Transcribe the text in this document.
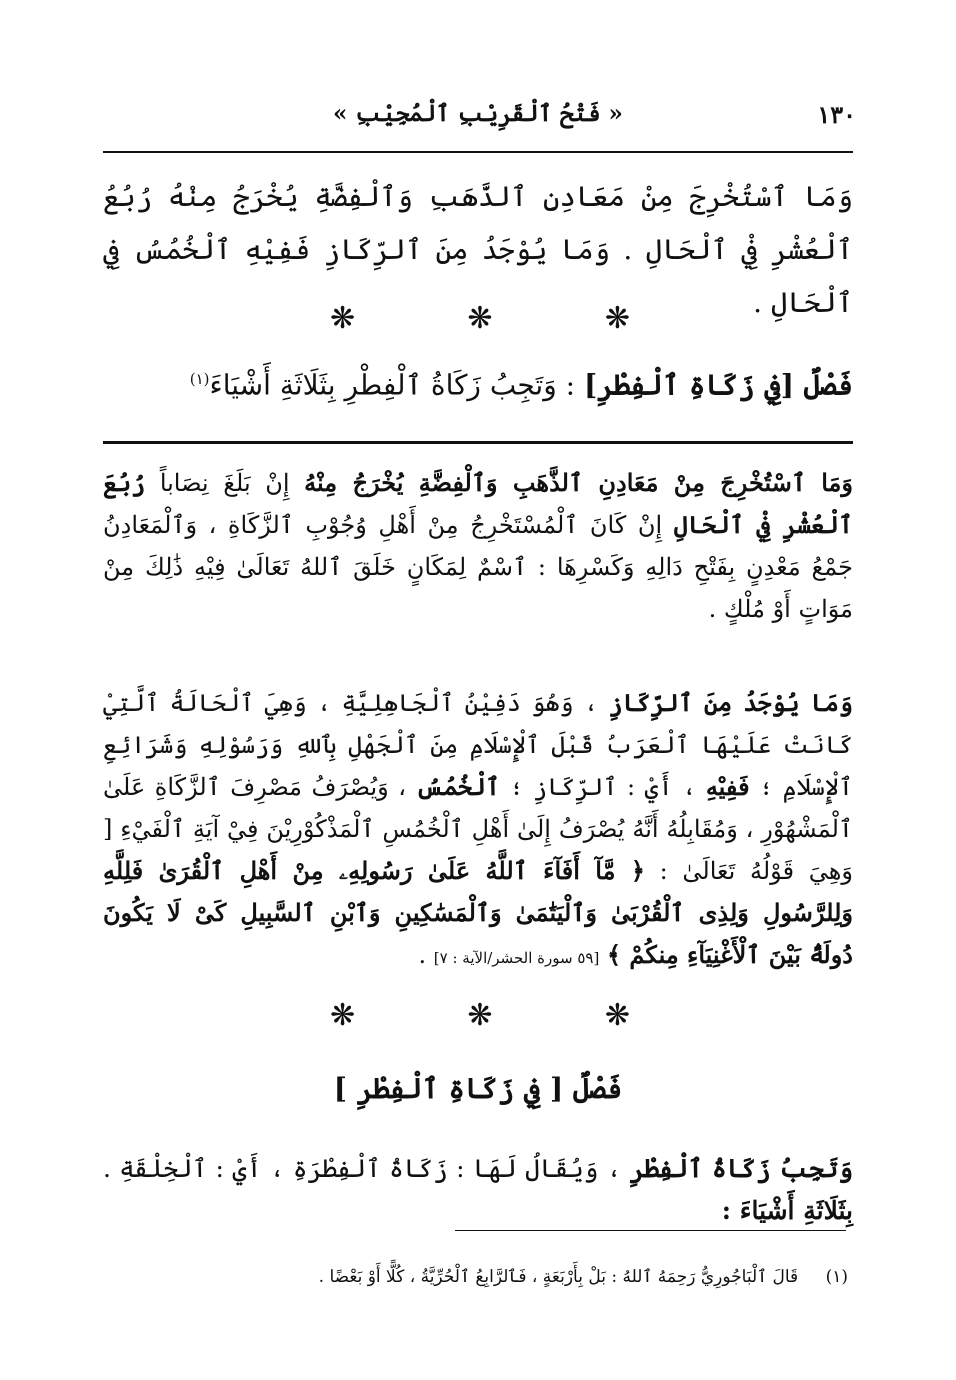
١٣٠
« فَتْحُ ٱلْقَرِيْبِ ٱلْمُجِيْبِ »
وَمَا ٱسْتُخْرِجَ مِنْ مَعَادِنِ ٱلذَّهَبِ وَٱلْفِضَّةِ يُخْرَجُ مِنْهُ رُبُعُ ٱلْعُشْرِ فِيْ ٱلْحَالِ . وَمَا يُوْجَدُ مِنَ ٱلرِّكَازِ فَفِيْهِ ٱلْخُمُسُ فِي ٱلْحَالِ .
❋	❋	❋
فَصْلٌ [فِي زَكَاةِ ٱلْفِطْرِ] : وَتَجِبُ زَكَاةُ ٱلْفِطْرِ بِثَلَاثَةِ أَشْيَاءَ$^{(١)}$
وَمَا ٱسْتُخْرِجَ مِنْ مَعَادِنِ ٱلذَّهَبِ وَٱلْفِضَّةِ يُخْرَجُ مِنْهُ إِنْ بَلَغَ نِصَاباً رُبُعَ ٱلْعُشْرِ فِيْ ٱلْحَالِ إِنْ كَانَ ٱلْمُسْتَخْرِجُ مِنْ أَهْلِ وُجُوْبِ ٱلزَّكَاةِ ، وَٱلْمَعَادِنُ جَمْعُ مَعْدِنٍ بِفَتْحِ دَالِهِ وَكَسْرِهَا : ٱسْمٌ لِمَكَانٍ خَلَقَ ٱللهُ تَعَالَىٰ فِيْهِ ذَٰلِكَ مِنْ مَوَاتٍ أَوْ مُلْكٍ .
وَمَا يُوْجَدُ مِنَ ٱلرِّكَازِ ، وَهُوَ دَفِيْنُ ٱلْجَاهِلِيَّةِ ، وَهِيَ ٱلْحَالَةُ ٱلَّتِيْ كَانَتْ عَلَيْهَا ٱلْعَرَبُ قَبْلَ ٱلْإِسْلَامِ مِنَ ٱلْجَهْلِ بِٱللهِ وَرَسُوْلِهِ وَشَرَائِعِ ٱلْإِسْلَامِ ؛ فَفِيْهِ ، أَيْ : ٱلرِّكَازِ ؛ ٱلْخُمُسُ ، وَيُصْرَفُ مَصْرِفَ ٱلزَّكَاةِ عَلَىٰ ٱلْمَشْهُوْرِ ، وَمُقَابِلُهُ أَنَّهُ يُصْرَفُ إِلَىٰ أَهْلِ ٱلْخُمُسِ ٱلْمَذْكُوْرِيْنَ فِيْ آيَةِ ٱلْفَيْءِ [ وَهِيَ قَوْلُهُ تَعَالَىٰ : ﴿ مَّآ أَفَآءَ ٱللَّهُ عَلَىٰ رَسُولِهِۦ مِنْ أَهْلِ ٱلْقُرَىٰ فَلِلَّهِ وَلِلرَّسُولِ وَلِذِى ٱلْقُرْبَىٰ وَٱلْيَتَٰمَىٰ وَٱلْمَسَٰكِينِ وَٱبْنِ ٱلسَّبِيلِ كَىْ لَا يَكُونَ دُولَةًۢ بَيْنَ ٱلْأَغْنِيَآءِ مِنكُمْ ﴾ [٥٩ سورة الحشر/الآية : ٧] .
❋	❋	❋
فَصْلٌ [ فِي زَكَاةِ ٱلْفِطْرِ ]
وَتَجِبُ زَكَاةُ ٱلْفِطْرِ ، وَيُقَالُ لَهَا : زَكَاةُ ٱلْفِطْرَةِ ، أَيْ : ٱلْخِلْقَةِ . بِثَلَاثَةِ أَشْيَاءَ :
(١) قَالَ ٱلْبَاجُورِيُّ رَحِمَهُ ٱللهُ : بَلْ بِأَرْبَعَةٍ ، فَٱلرَّابِعُ ٱلْحُرِّيَّةُ ، كُلًّا أَوْ بَعْضًا .
